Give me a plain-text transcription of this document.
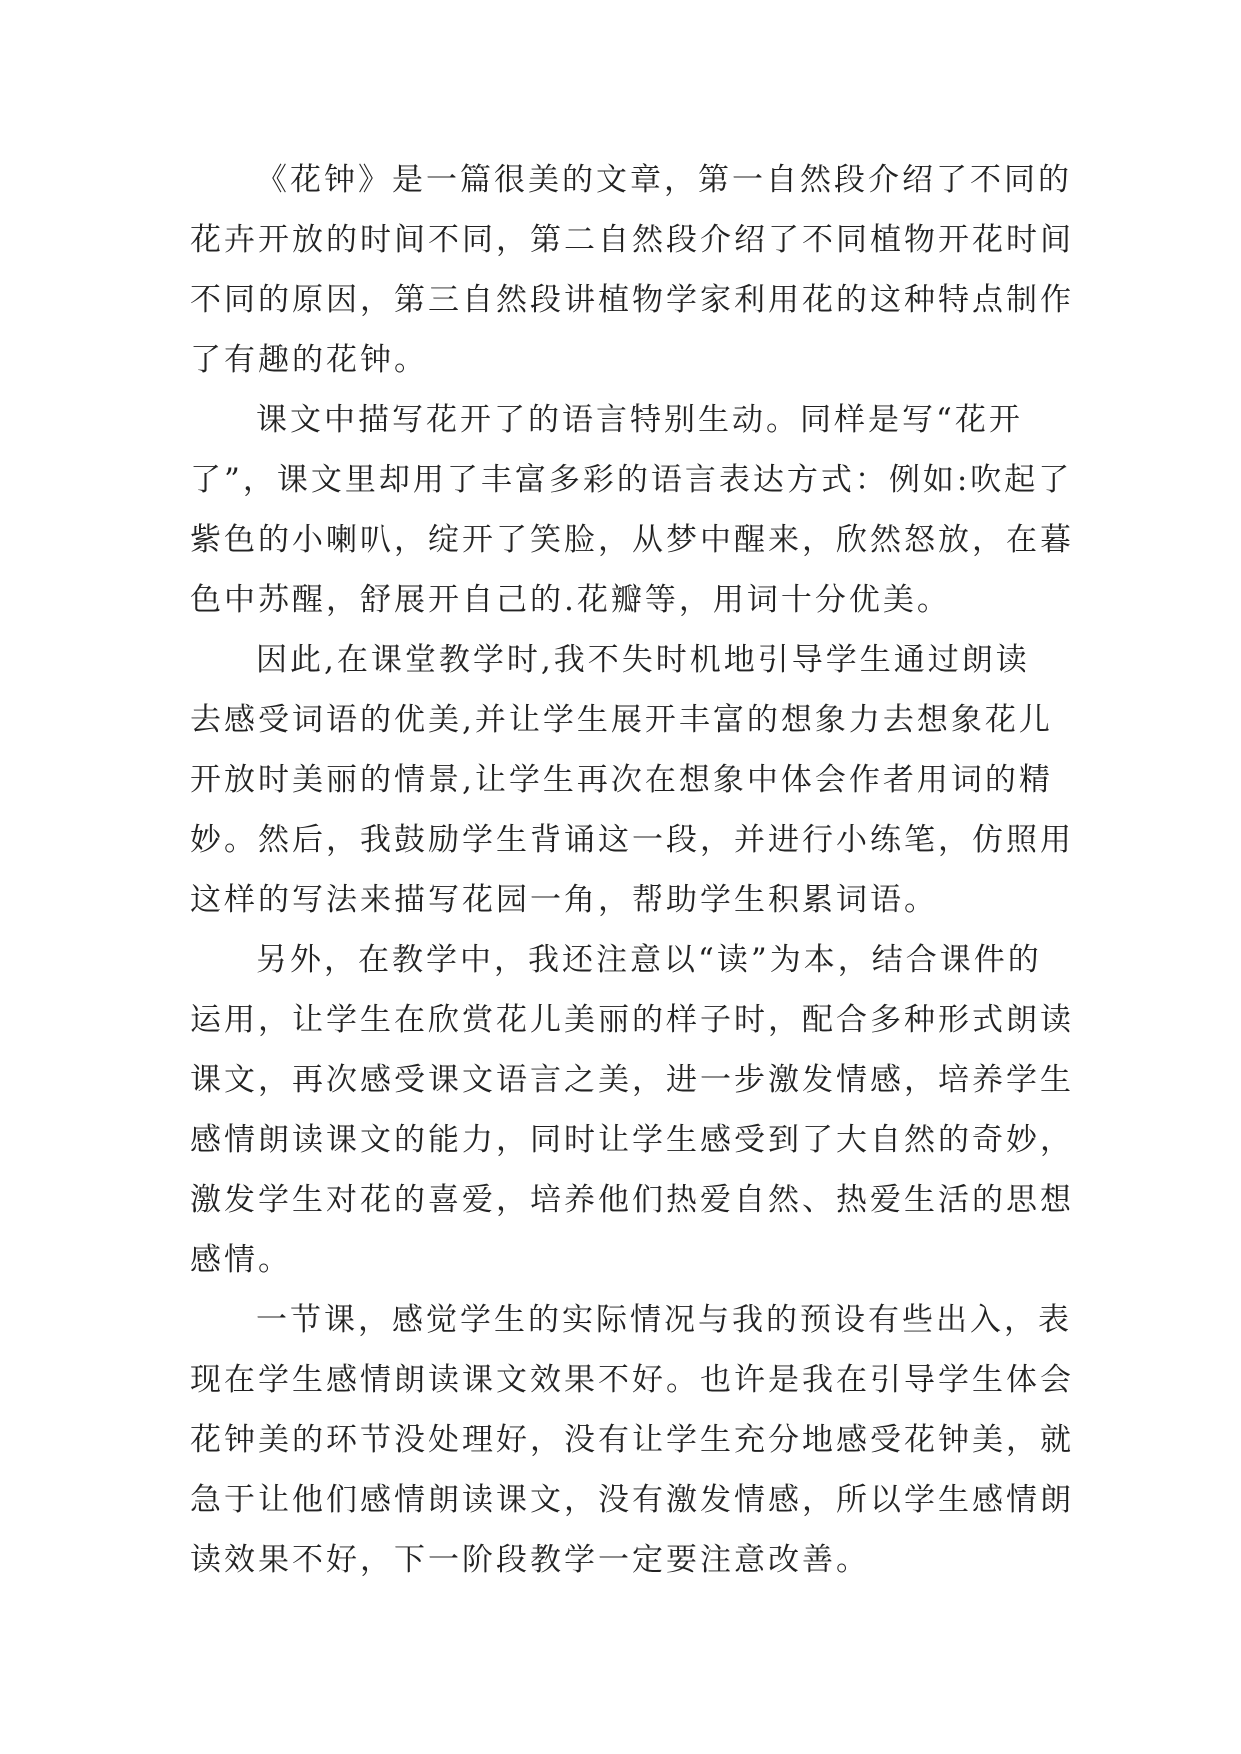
《花钟》是一篇很美的文章，第一自然段介绍了不同的
花卉开放的时间不同，第二自然段介绍了不同植物开花时间
不同的原因，第三自然段讲植物学家利用花的这种特点制作
了有趣的花钟。

课文中描写花开了的语言特别生动。同样是写“花开
了”，课文里却用了丰富多彩的语言表达方式：例如:吹起了
紫色的小喇叭，绽开了笑脸，从梦中醒来，欣然怒放，在暮
色中苏醒，舒展开自己的.花瓣等，用词十分优美。

因此,在课堂教学时,我不失时机地引导学生通过朗读
去感受词语的优美,并让学生展开丰富的想象力去想象花儿
开放时美丽的情景,让学生再次在想象中体会作者用词的精
妙。然后，我鼓励学生背诵这一段，并进行小练笔，仿照用
这样的写法来描写花园一角，帮助学生积累词语。

另外，在教学中，我还注意以“读”为本，结合课件的
运用，让学生在欣赏花儿美丽的样子时，配合多种形式朗读
课文，再次感受课文语言之美，进一步激发情感，培养学生
感情朗读课文的能力，同时让学生感受到了大自然的奇妙，
激发学生对花的喜爱，培养他们热爱自然、热爱生活的思想
感情。

一节课，感觉学生的实际情况与我的预设有些出入，表
现在学生感情朗读课文效果不好。也许是我在引导学生体会
花钟美的环节没处理好，没有让学生充分地感受花钟美，就
急于让他们感情朗读课文，没有激发情感，所以学生感情朗
读效果不好，下一阶段教学一定要注意改善。
